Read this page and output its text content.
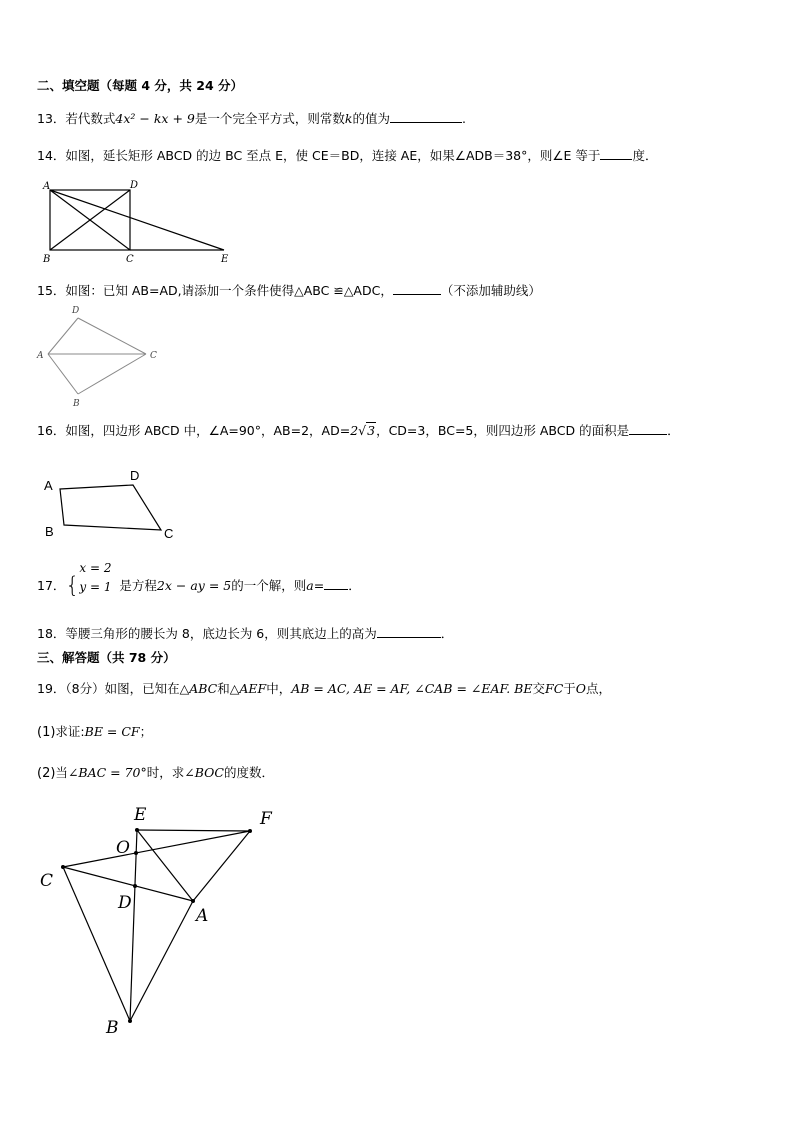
二、填空题（每题 4 分，共 24 分）
13．若代数式4x² − kx + 9是一个完全平方式，则常数k的值为	.
14．如图，延长矩形 ABCD 的边 BC 至点 E，使 CE＝BD，连接 AE，如果∠ADB＝38°，则∠E 等于	度．
A	D
B	C	E
15．如图：已知 AB=AD,请添加一个条件使得△ABC ≌△ADC，	（不添加辅助线）
D
A	C
B
16．如图，四边形 ABCD 中，∠A=90°，AB=2，AD=2√3，CD=3，BC=5，则四边形 ABCD 的面积是	．
A
D
B	C
17．{
x = 2
y = 1 是方程2x − ay = 5的一个解，则a= ．
18．等腰三角形的腰长为 8，底边长为 6，则其底边上的高为	．
三、解答题（共 78 分）
19．（8分）如图，已知在△ABC和△AEF中，AB = AC, AE = AF, ∠CAB = ∠EAF. BE交FC于O点，
(1)求证:BE = CF；
(2)当∠BAC = 70°时，求∠BOC的度数．
E	F
O
C
D
A
B
